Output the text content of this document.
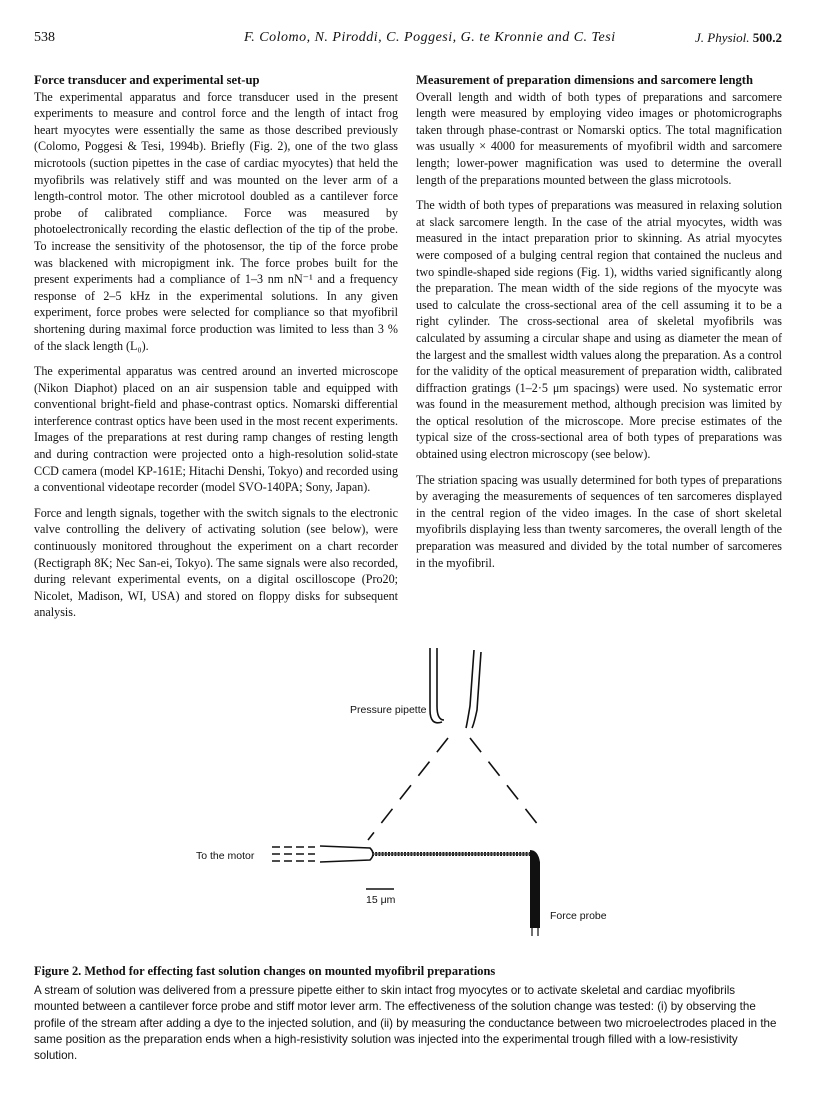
538	F. Colomo, N. Piroddi, C. Poggesi, G. te Kronnie and C. Tesi	J. Physiol. 500.2
Force transducer and experimental set-up

The experimental apparatus and force transducer used in the present experiments to measure and control force and the length of intact frog heart myocytes were essentially the same as those described previously (Colomo, Poggesi & Tesi, 1994b). Briefly (Fig. 2), one of the two glass microtools (suction pipettes in the case of cardiac myocytes) that held the myofibrils was relatively stiff and was mounted on the lever arm of a length-control motor. The other microtool doubled as a cantilever force probe of calibrated compliance. Force was measured by photoelectronically recording the elastic deflection of the tip of the probe. To increase the sensitivity of the photosensor, the tip of the force probe was blackened with micropigment ink. The force probes built for the present experiments had a compliance of 1–3 nm nN⁻¹ and a frequency response of 2–5 kHz in the experimental solutions. In any given experiment, force probes were selected for compliance so that myofibril shortening during maximal force production was limited to less than 3 % of the slack length (L₀).

The experimental apparatus was centred around an inverted microscope (Nikon Diaphot) placed on an air suspension table and equipped with conventional bright-field and phase-contrast optics. Nomarski differential interference contrast optics have been used in the most recent experiments. Images of the preparations at rest during ramp changes of resting length and during contraction were projected onto a high-resolution solid-state CCD camera (model KP-161E; Hitachi Denshi, Tokyo) and recorded using a conventional videotape recorder (model SVO-140PA; Sony, Japan).

Force and length signals, together with the switch signals to the electronic valve controlling the delivery of activating solution (see below), were continuously monitored throughout the experiment on a chart recorder (Rectigraph 8K; Nec San-ei, Tokyo). The same signals were also recorded, during relevant experimental events, on a digital oscilloscope (Pro20; Nicolet, Madison, WI, USA) and stored on floppy disks for subsequent analysis.

Measurement of preparation dimensions and sarcomere length

Overall length and width of both types of preparations and sarcomere length were measured by employing video images or photomicrographs taken through phase-contrast or Nomarski optics. The total magnification was usually × 4000 for measurements of myofibril width and sarcomere length; lower-power magnification was used to determine the overall length of the preparations mounted between the glass microtools.

The width of both types of preparations was measured in relaxing solution at slack sarcomere length. In the case of the atrial myocytes, width was measured in the intact preparation prior to skinning. As atrial myocytes were composed of a bulging central region that contained the nucleus and two spindle-shaped side regions (Fig. 1), widths varied significantly along the preparation. The mean width of the side regions of the myocyte was used to calculate the cross-sectional area of the cell assuming it to be a right cylinder. The cross-sectional area of skeletal myofibrils was calculated by assuming a circular shape and using as diameter the mean of the largest and the smallest width values along the preparation. As a control for the validity of the optical measurement of preparation width, calibrated diffraction gratings (1–2·5 μm spacings) were used. No systematic error was found in the measurement method, although precision was limited by the optical resolution of the microscope. More precise estimates of the typical size of the cross-sectional area of both types of preparations was obtained using electron microscopy (see below).

The striation spacing was usually determined for both types of preparations by averaging the measurements of sequences of ten sarcomeres displayed in the central region of the video images. In the case of short skeletal myofibrils displaying less than twenty sarcomeres, the overall length of the preparation was measured and divided by the total number of sarcomeres in the myofibril.

Pressure pipette
To the motor
Force probe
15 μm
Figure 2. Method for effecting fast solution changes on mounted myofibril preparations
A stream of solution was delivered from a pressure pipette either to skin intact frog myocytes or to activate skeletal and cardiac myofibrils mounted between a cantilever force probe and stiff motor lever arm. The effectiveness of the solution change was tested: (i) by observing the profile of the stream after adding a dye to the injected solution, and (ii) by measuring the conductance between two microelectrodes placed in the same position as the preparation ends when a high-resistivity solution was injected into the experimental trough filled with a low-resistivity solution.
